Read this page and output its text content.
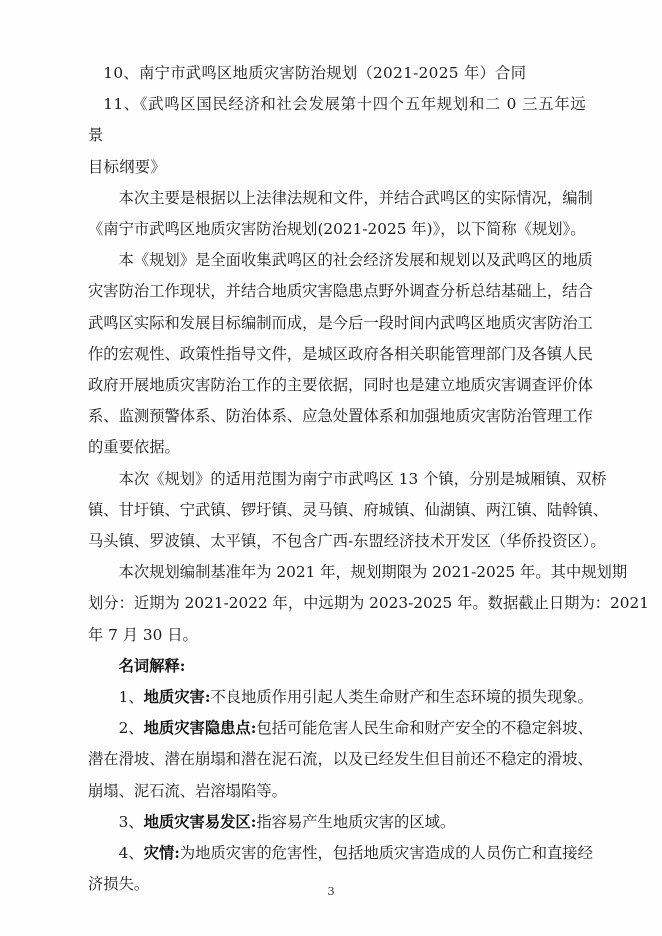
10、南宁市武鸣区地质灾害防治规划（2021-2025 年）合同

11、《武鸣区国民经济和社会发展第十四个五年规划和二 0 三五年远景

目标纲要》

本次主要是根据以上法律法规和文件，并结合武鸣区的实际情况，编制
《南宁市武鸣区地质灾害防治规划(2021-2025 年)》，以下简称《规划》。
本《规划》是全面收集武鸣区的社会经济发展和规划以及武鸣区的地质
灾害防治工作现状，并结合地质灾害隐患点野外调查分析总结基础上，结合
武鸣区实际和发展目标编制而成，是今后一段时间内武鸣区地质灾害防治工
作的宏观性、政策性指导文件，是城区政府各相关职能管理部门及各镇人民
政府开展地质灾害防治工作的主要依据，同时也是建立地质灾害调查评价体
系、监测预警体系、防治体系、应急处置体系和加强地质灾害防治管理工作
的重要依据。
本次《规划》的适用范围为南宁市武鸣区 13 个镇，分别是城厢镇、双桥
镇、甘圩镇、宁武镇、锣圩镇、灵马镇、府城镇、仙湖镇、两江镇、陆斡镇、
马头镇、罗波镇、太平镇，不包含广西-东盟经济技术开发区（华侨投资区）。
本次规划编制基准年为 2021 年，规划期限为 2021-2025 年。其中规划期
划分：近期为 2021-2022 年，中远期为 2023-2025 年。数据截止日期为：2021
年 7 月 30 日。

名词解释:

1、 地质灾害: 不良地质作用引起人类生命财产和生态环境的损失现象。
2、 地质灾害隐患点: 包括可能危害人民生命和财产安全的不稳定斜坡、
潜在滑坡、潜在崩塌和潜在泥石流，以及已经发生但目前还不稳定的滑坡、
崩塌、泥石流、岩溶塌陷等。
3、 地质灾害易发区: 指容易产生地质灾害的区域。
4、 灾情: 为地质灾害的危害性，包括地质灾害造成的人员伤亡和直接经
济损失。	3
